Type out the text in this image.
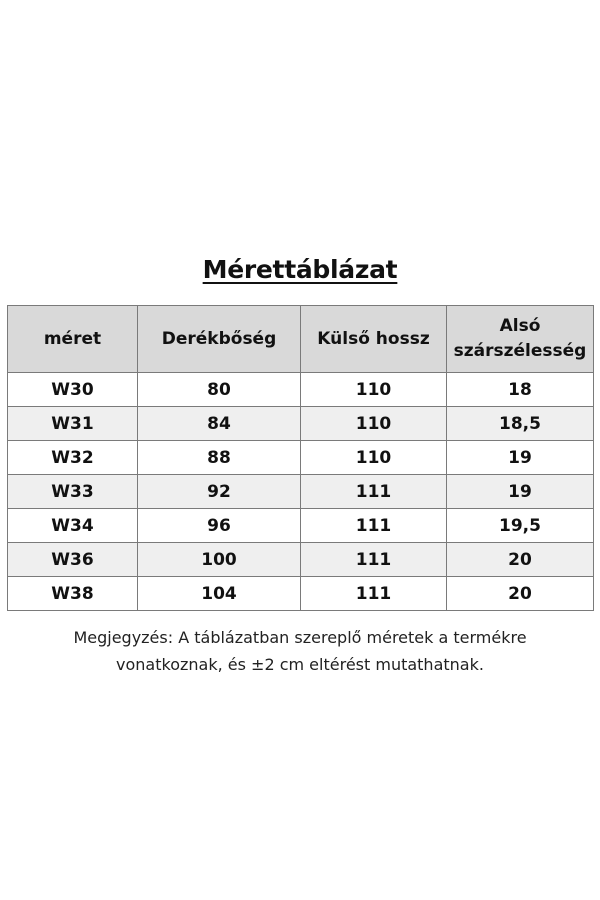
Mérettáblázat
méret	Derékbőség	Külső hossz	Alsó
szárszélesség
W30	80	110	18
W31	84	110	18,5
W32	88	110	19
W33	92	111	19
W34	96	111	19,5
W36	100	111	20
W38	104	111	20
Megjegyzés: A táblázatban szereplő méretek a termékre
vonatkoznak, és ±2 cm eltérést mutathatnak.
